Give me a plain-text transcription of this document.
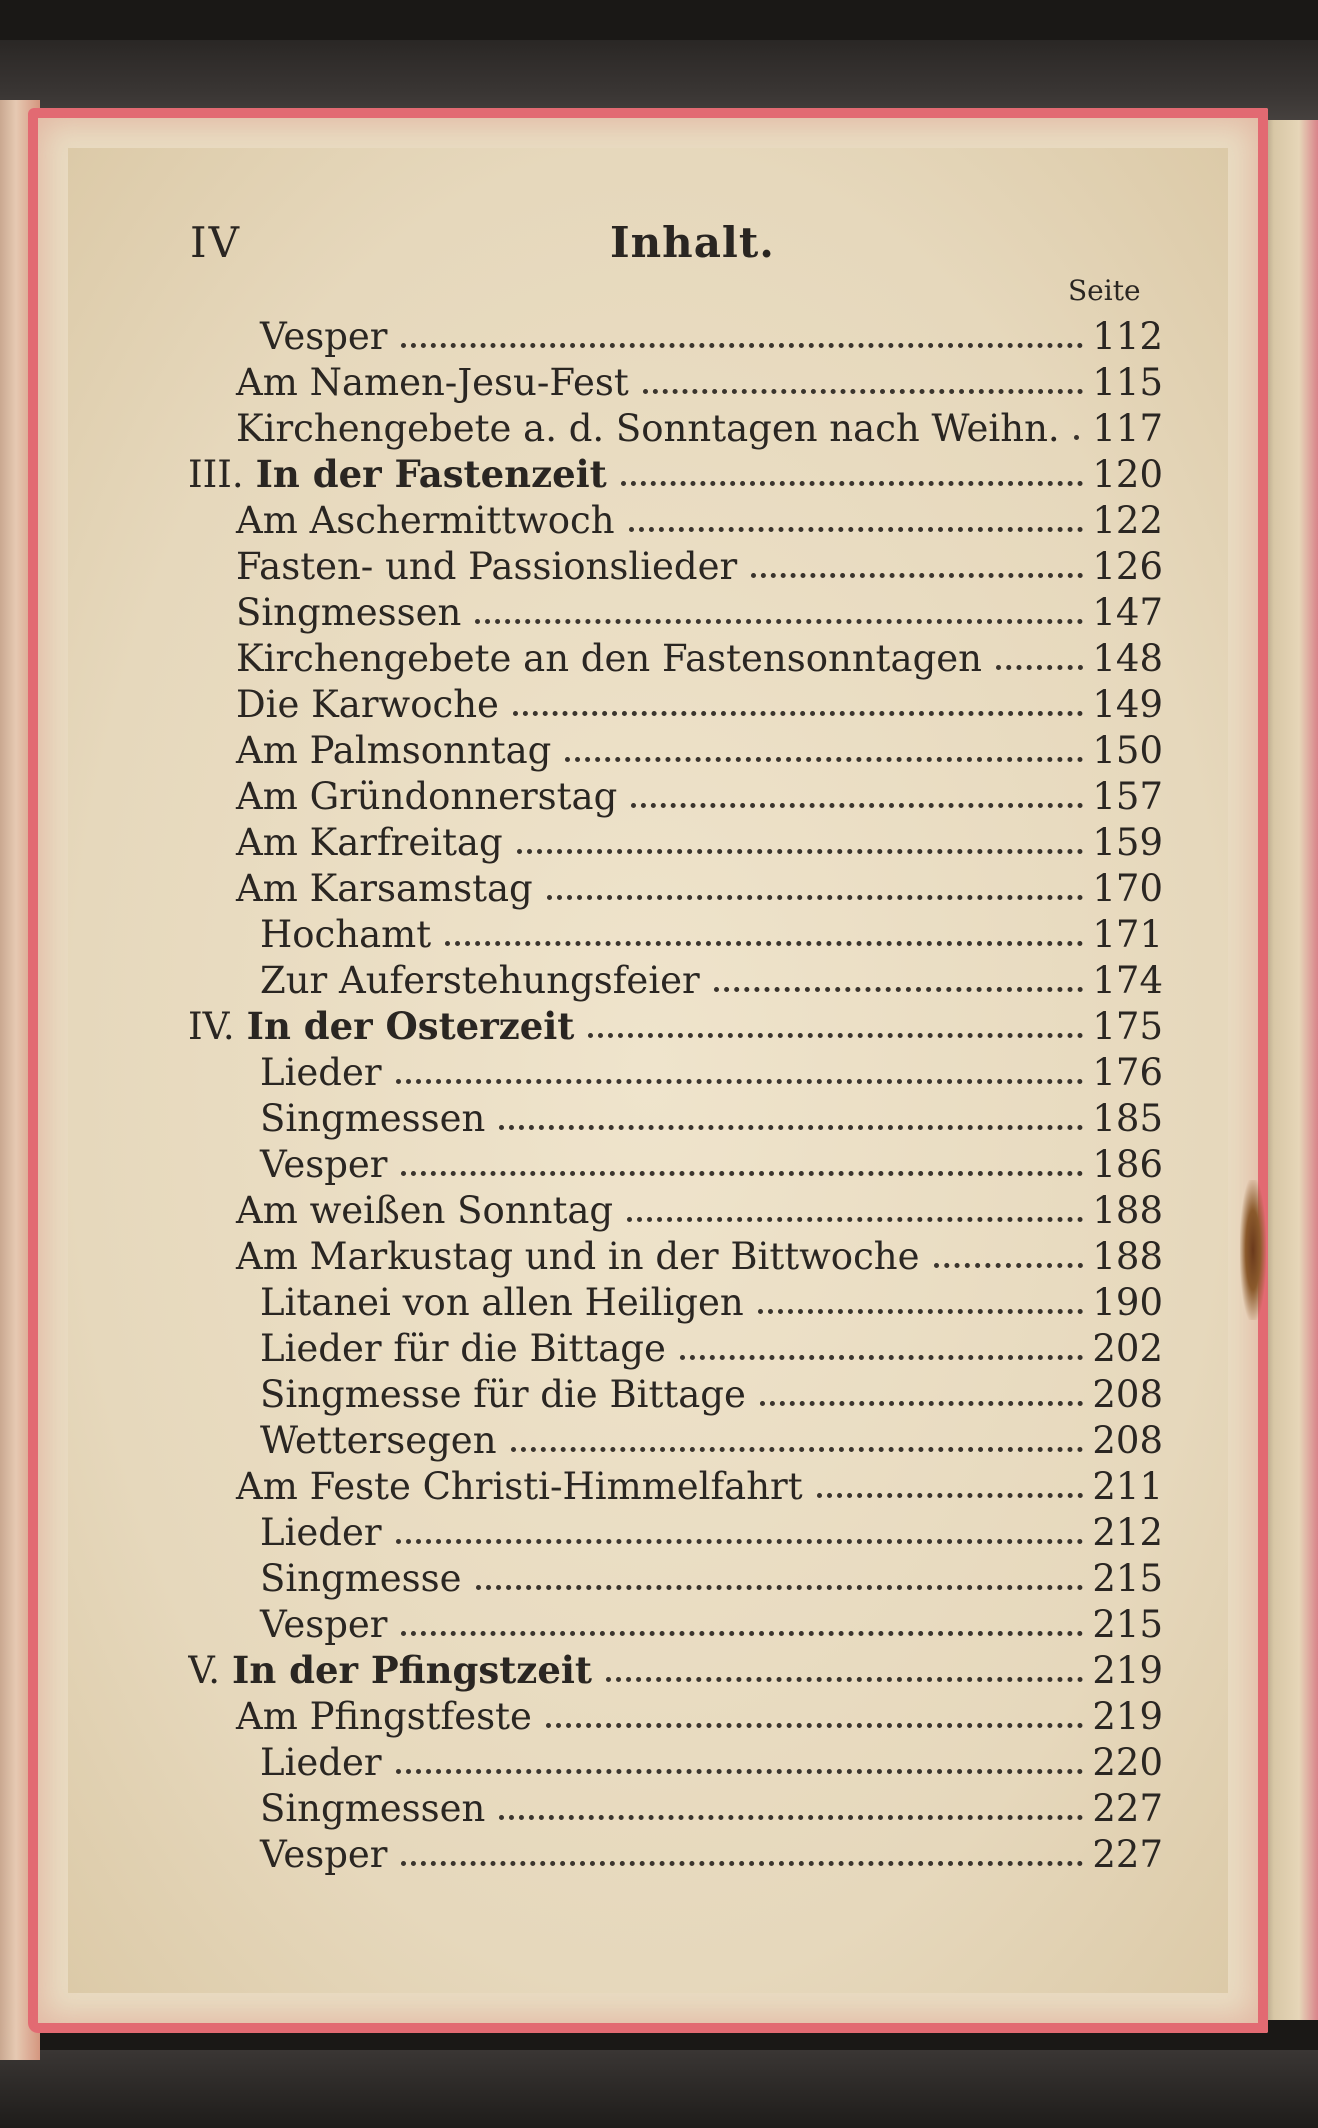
IV	Inhalt.
Seite
Vesper	112
Am Namen-Jesu-Fest	115
Kirchengebete a. d. Sonntagen nach Weihn. 117
III. In der Fastenzeit	120
Am Aschermittwoch	122
Fasten- und Passionslieder	126
Singmessen	147
Kirchengebete an den Fastensonntagen	148
Die Karwoche	149
Am Palmsonntag	150
Am Gründonnerstag	157
Am Karfreitag	159
Am Karsamstag	170
Hochamt	171
Zur Auferstehungsfeier	174
IV. In der Osterzeit	175
Lieder	176
Singmessen	185
Vesper	186
Am weißen Sonntag	188
Am Markustag und in der Bittwoche	188
Litanei von allen Heiligen	190
Lieder für die Bittage	202
Singmesse für die Bittage	208
Wettersegen	208
Am Feste Christi-Himmelfahrt	211
Lieder	212
Singmesse	215
Vesper	215
V. In der Pfingstzeit	219
Am Pfingstfeste	219
Lieder	220
Singmessen	227
Vesper	227
